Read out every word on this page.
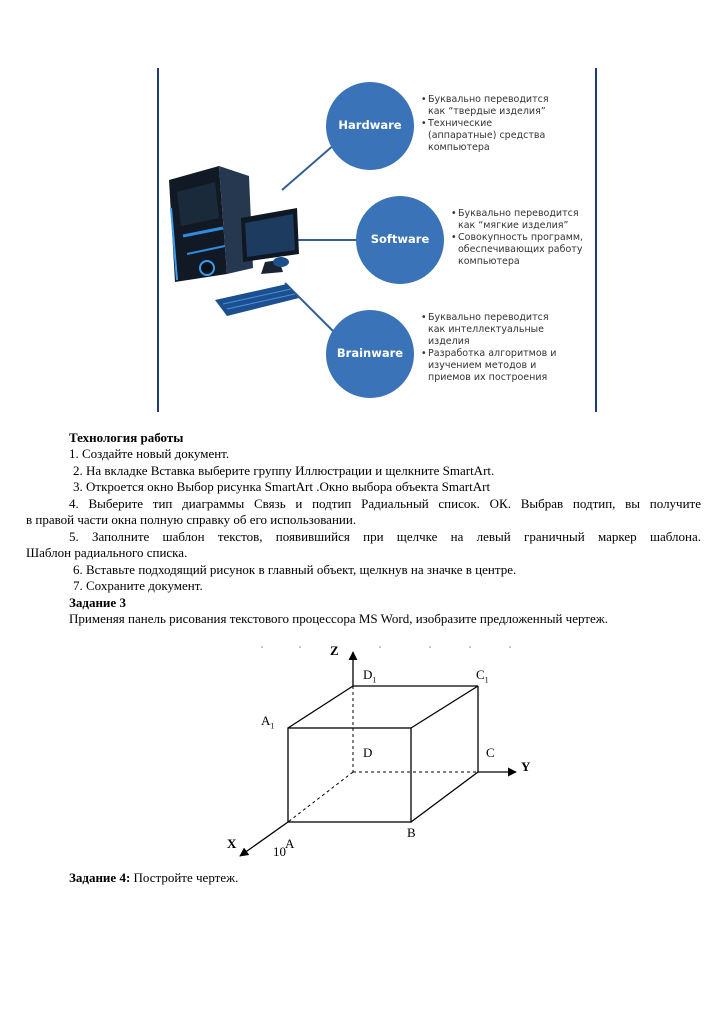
Hardware
Software
Brainware
• Буквально переводится как “твердые изделия”
• Технические (аппаратные) средства компьютера
• Буквально переводится как “мягкие изделия”
• Совокупность программ, обеспечивающих работу компьютера
• Буквально переводится как интеллектуальные изделия
• Разработка алгоритмов и изучением методов и приемов их построения
Технология работы
1. Создайте новый документ.
2. На вкладке Вставка выберите группу Иллюстрации и щелкните SmartArt.
3. Откроется окно Выбор рисунка SmartArt .Окно выбора объекта SmartArt
4. Выберите тип диаграммы Связь и подтип Радиальный список. ОК. Выбрав подтип, вы получите
в правой части окна полную справку об его использовании.
5. Заполните шаблон текстов, появившийся при щелчке на левый граничный маркер шаблона.
Шаблон радиального списка.
6. Вставьте подходящий рисунок в главный объект, щелкнув на значке в центре.
7. Сохраните документ.
Задание 3
Применяя панель рисования текстового процессора MS Word, изобразите предложенный чертеж.
Z
Y
X
$D_1$	$C_1$
$A_1$
D	C
A
B
10
Задание 4: Постройте чертеж.
